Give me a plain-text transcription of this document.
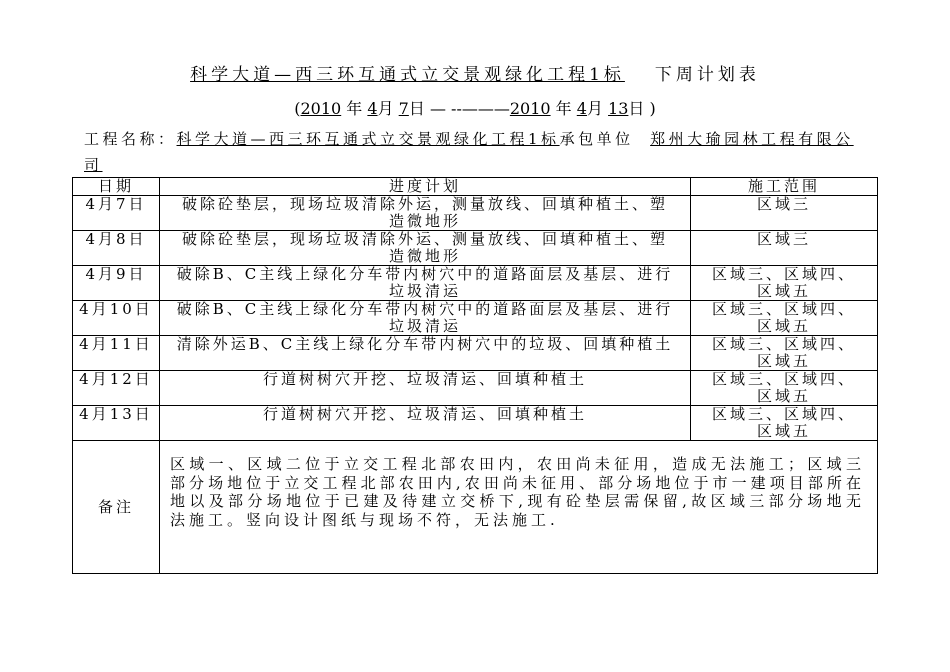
科学大道—西三环互通式立交景观绿化工程1标 下周计划表
(2010 年 4月 7日 — --———2010 年 4月 13日 )
工程名称：科学大道—西三环互通式立交景观绿化工程1标承包单位 郑州大瑜园林工程有限公司
日期	进度计划	施工范围
4月7日	破除砼垫层，现场垃圾清除外运，测量放线、回填种植土、塑造微地形	区域三
4月8日	破除砼垫层，现场垃圾清除外运、测量放线、回填种植土、塑造微地形	区域三
4月9日	破除B、C主线上绿化分车带内树穴中的道路面层及基层、进行垃圾清运	区域三、区域四、区域五
4月10日	破除B、C主线上绿化分车带内树穴中的道路面层及基层、进行垃圾清运	区域三、区域四、区域五
4月11日	清除外运B、C主线上绿化分车带内树穴中的垃圾、回填种植土	区域三、区域四、区域五
4月12日	行道树树穴开挖、垃圾清运、回填种植土	区域三、区域四、区域五
4月13日	行道树树穴开挖、垃圾清运、回填种植土	区域三、区域四、区域五
备注	区域一、区域二位于立交工程北部农田内，农田尚未征用，造成无法施工；区域三部分场地位于立交工程北部农田内,农田尚未征用、部分场地位于市一建项目部所在地以及部分场地位于已建及待建立交桥下,现有砼垫层需保留,故区域三部分场地无法施工。竖向设计图纸与现场不符，无法施工.	
